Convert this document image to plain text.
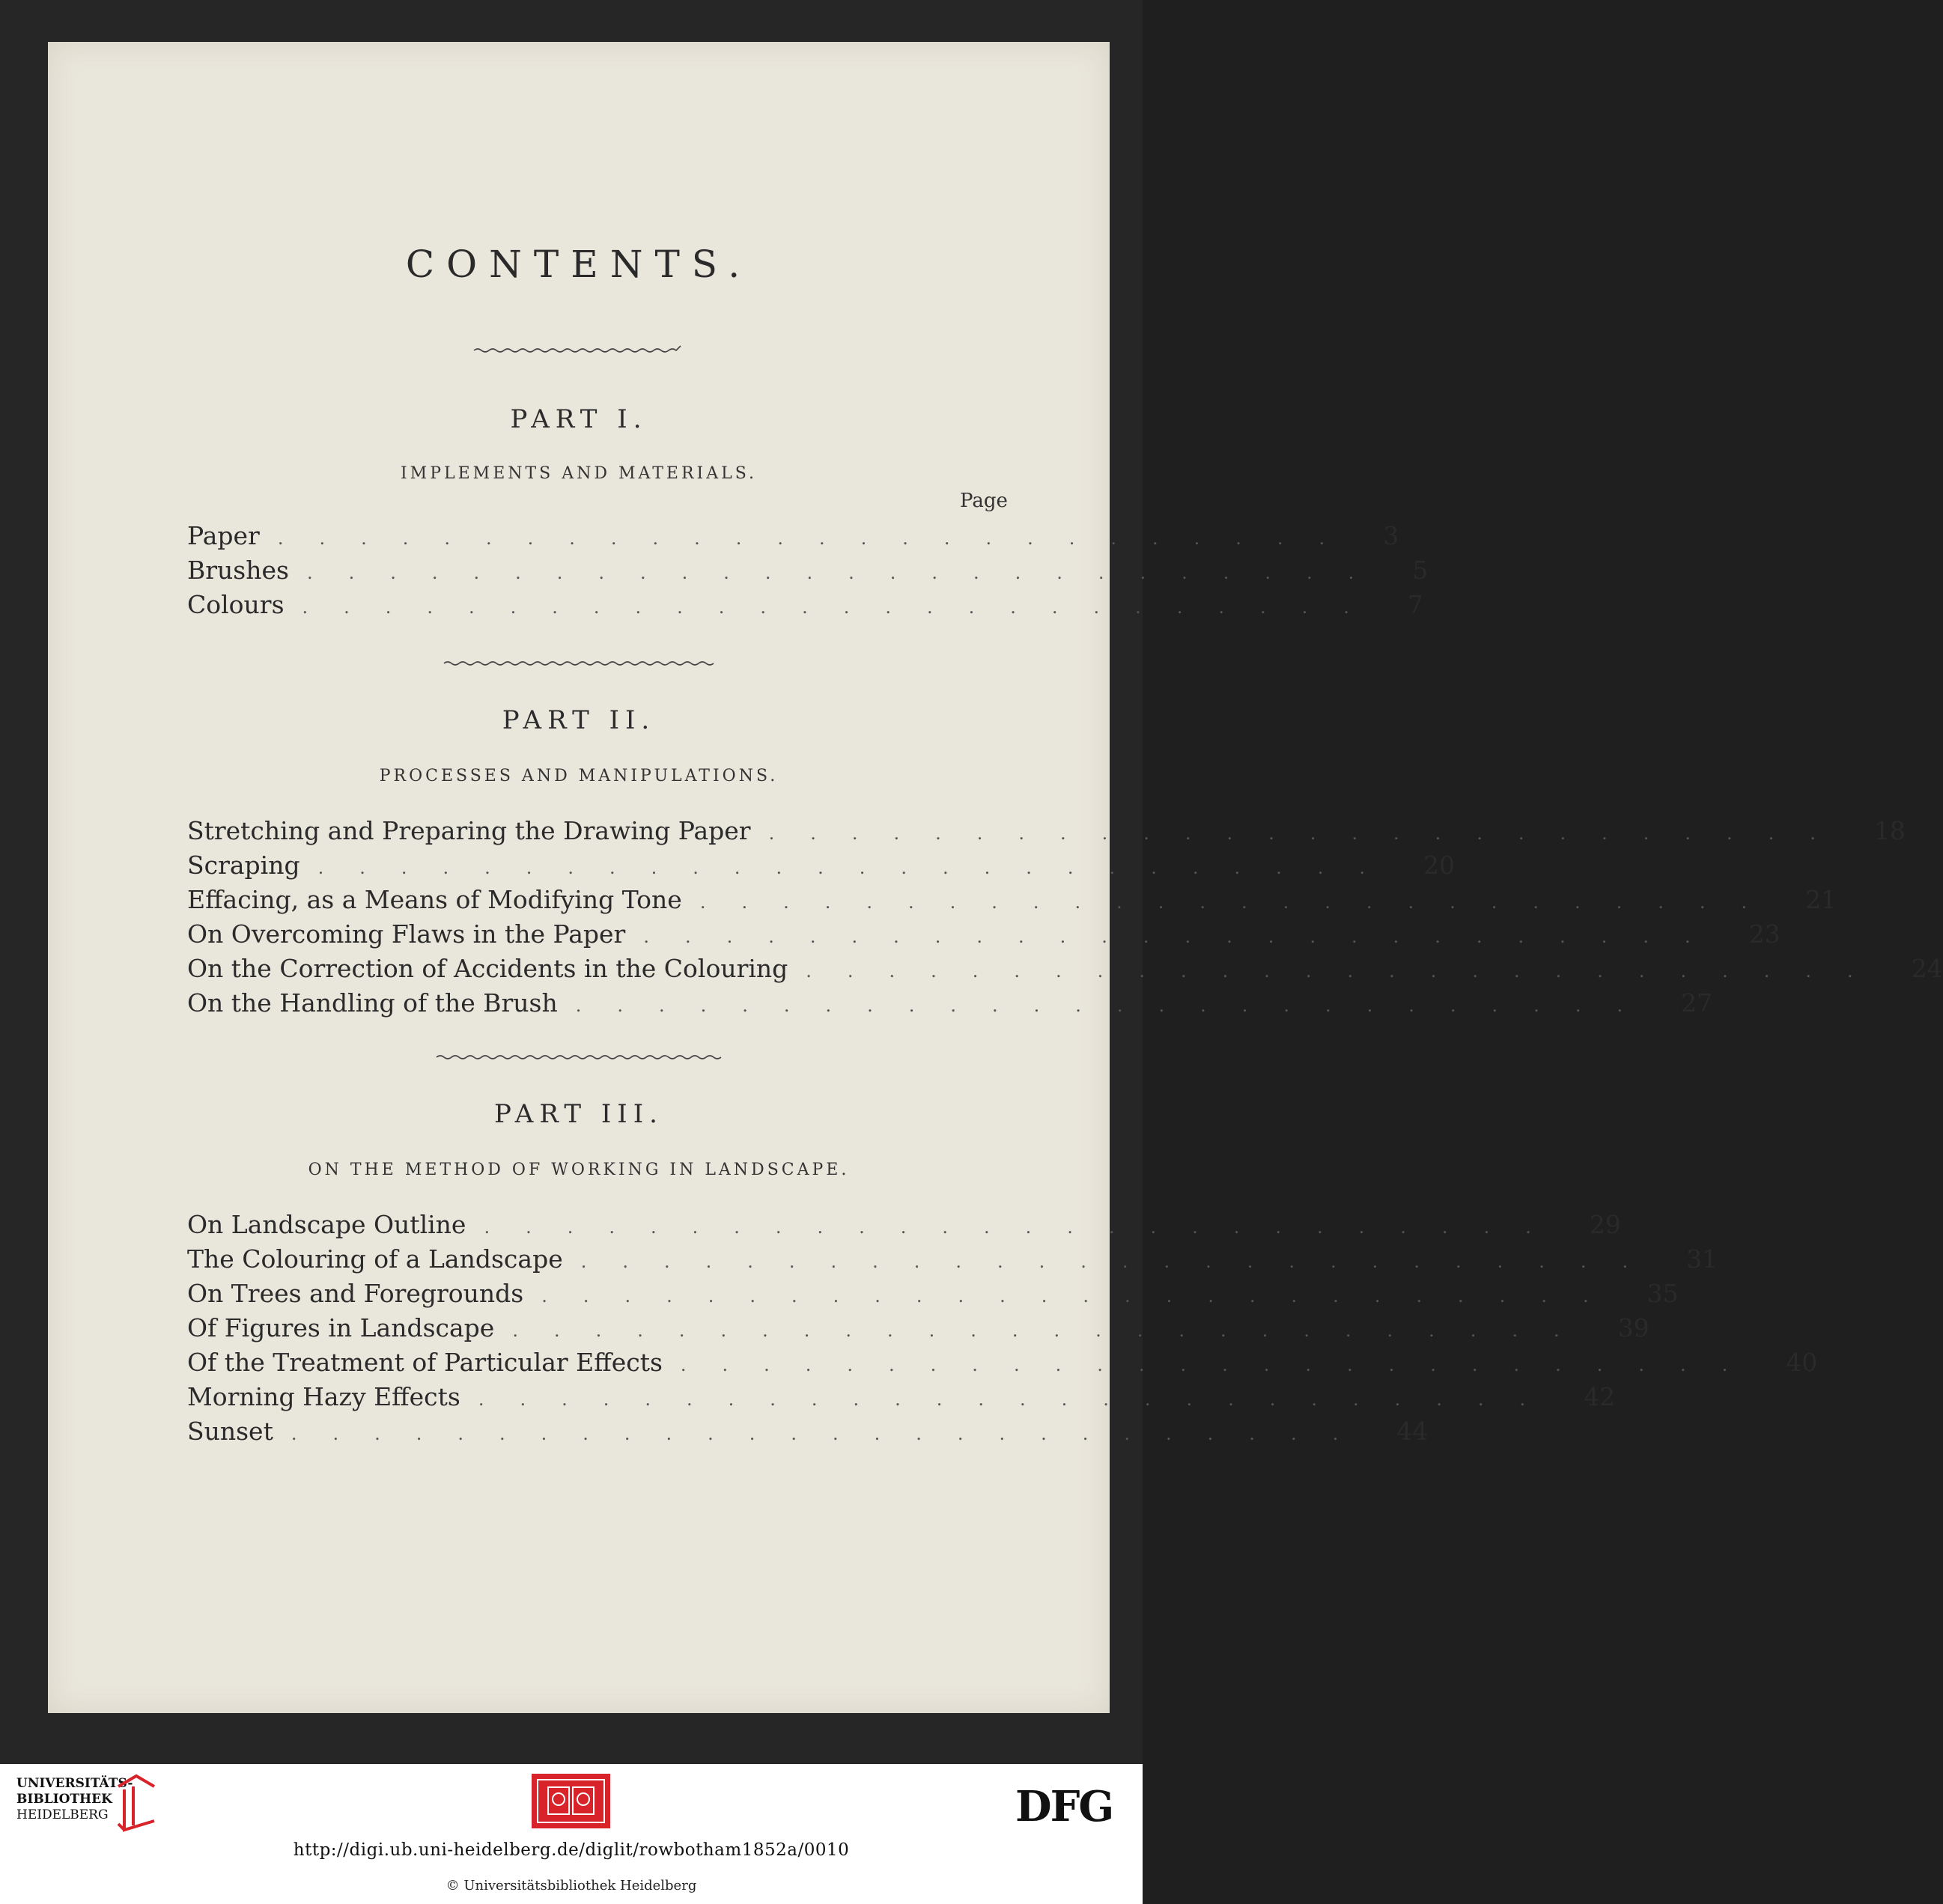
CONTENTS.
PART I.
IMPLEMENTS AND MATERIALS.
Page
Paper .......................... 3
Brushes .......................... 5
Colours .......................... 7
PART II.
PROCESSES AND MANIPULATIONS.
Stretching and Preparing the Drawing Paper .......................... 18
Scraping .......................... 20
Effacing, as a Means of Modifying Tone .......................... 21
On Overcoming Flaws in the Paper .......................... 23
On the Correction of Accidents in the Colouring .......................... 24
On the Handling of the Brush .......................... 27
PART III.
ON THE METHOD OF WORKING IN LANDSCAPE.
On Landscape Outline .......................... 29
The Colouring of a Landscape .......................... 31
On Trees and Foregrounds .......................... 35
Of Figures in Landscape .......................... 39
Of the Treatment of Particular Effects .......................... 40
Morning Hazy Effects .......................... 42
Sunset .......................... 44
UNIVERSITÄTS-
BIBLIOTHEK
HEIDELBERG	DFG
http://digi.ub.uni-heidelberg.de/diglit/rowbotham1852a/0010
© Universitätsbibliothek Heidelberg
